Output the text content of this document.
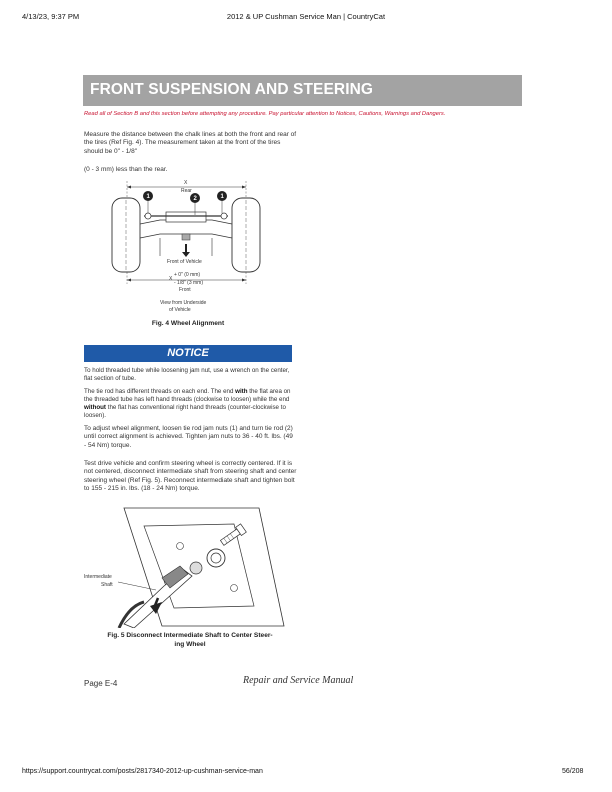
4/13/23, 9:37 PM	2012 & UP Cushman Service Man | CountryCat
FRONT SUSPENSION AND STEERING
Read all of Section B and this section before attempting any procedure. Pay particular attention to Notices, Cautions, Warnings and Dangers.
Measure the distance between the chalk lines at both the front and rear of the tires (Ref Fig. 4). The measurement taken at the front of the tires should be 0" - 1/8"
(0 - 3 mm) less than the rear.
X
Rear
1	2	1
Front of Vehicle
X
+ 0" (0 mm)
- 1/8" (3 mm)
Front
View from Underside
of Vehicle
Fig. 4 Wheel Alignment
NOTICE
To hold threaded tube while loosening jam nut, use a wrench on the center, flat section of tube.
The tie rod has different threads on each end. The end with the flat area on the threaded tube has left hand threads (clockwise to loosen) while the end without the flat has conventional right hand threads (counter-clockwise to loosen).
To adjust wheel alignment, loosen tie rod jam nuts (1) and turn tie rod (2) until correct alignment is achieved. Tighten jam nuts to 36 - 40 ft. lbs. (49 - 54 Nm) torque.
Test drive vehicle and confirm steering wheel is correctly centered. If it is not centered, disconnect intermediate shaft from steering shaft and center steering wheel (Ref Fig. 5). Reconnect intermediate shaft and tighten bolt to 155 - 215 in. lbs. (18 - 24 Nm) torque.
Intermediate
Shaft
Fig. 5 Disconnect Intermediate Shaft to Center Steer-
ing Wheel
Page E-4	Repair and Service Manual
https://support.countrycat.com/posts/2817340-2012-up-cushman-service-man	56/208
